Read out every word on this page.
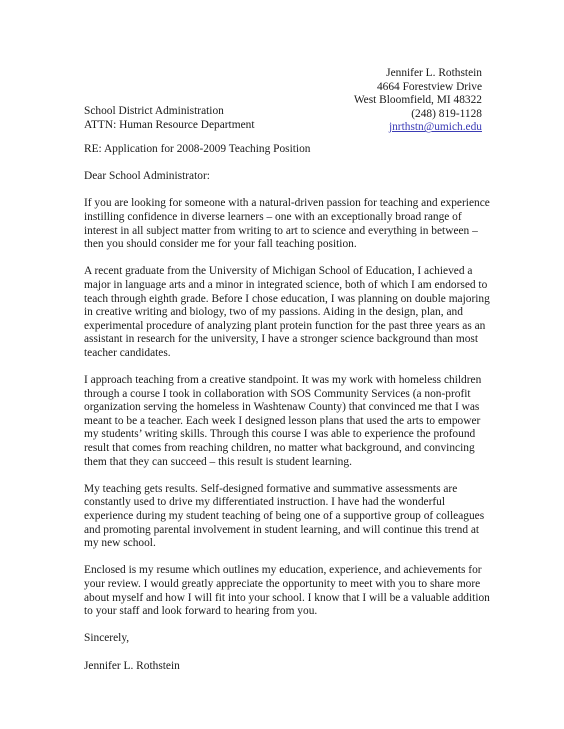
Jennifer L. Rothstein
4664 Forestview Drive
West Bloomfield, MI 48322
(248) 819-1128
jnrthstn@umich.edu
School District Administration
ATTN: Human Resource Department

RE: Application for 2008-2009 Teaching Position

Dear School Administrator:

If you are looking for someone with a natural-driven passion for teaching and experience
instilling confidence in diverse learners – one with an exceptionally broad range of
interest in all subject matter from writing to art to science and everything in between –
then you should consider me for your fall teaching position.

A recent graduate from the University of Michigan School of Education, I achieved a
major in language arts and a minor in integrated science, both of which I am endorsed to
teach through eighth grade. Before I chose education, I was planning on double majoring
in creative writing and biology, two of my passions. Aiding in the design, plan, and
experimental procedure of analyzing plant protein function for the past three years as an
assistant in research for the university, I have a stronger science background than most
teacher candidates.

I approach teaching from a creative standpoint. It was my work with homeless children
through a course I took in collaboration with SOS Community Services (a non-profit
organization serving the homeless in Washtenaw County) that convinced me that I was
meant to be a teacher. Each week I designed lesson plans that used the arts to empower
my students’ writing skills. Through this course I was able to experience the profound
result that comes from reaching children, no matter what background, and convincing
them that they can succeed – this result is student learning.

My teaching gets results. Self-designed formative and summative assessments are
constantly used to drive my differentiated instruction. I have had the wonderful
experience during my student teaching of being one of a supportive group of colleagues
and promoting parental involvement in student learning, and will continue this trend at
my new school.

Enclosed is my resume which outlines my education, experience, and achievements for
your review. I would greatly appreciate the opportunity to meet with you to share more
about myself and how I will fit into your school. I know that I will be a valuable addition
to your staff and look forward to hearing from you.

Sincerely,

Jennifer L. Rothstein
